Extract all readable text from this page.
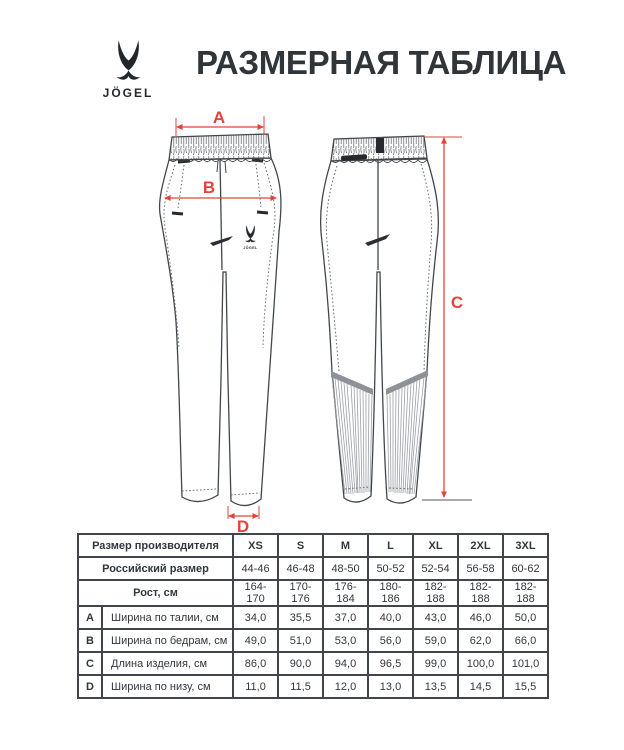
JÖGEL
РАЗМЕРНАЯ ТАБЛИЦА
JÖGEL
A
B
C
D
Размер производителя		XS	S	M	L	XL	2XL	3XL
Российский размер		44-46	46-48	48-50	50-52	52-54	56-58	60-62
Рост, см		164-170	170-176	176-184	180-186	182-188	182-188	182-188
A	Ширина по талии, см	34,0	35,5	37,0	40,0	43,0	46,0	50,0
B	Ширина по бедрам, см	49,0	51,0	53,0	56,0	59,0	62,0	66,0
C	Длина изделия, см	86,0	90,0	94,0	96,5	99,0	100,0	101,0
D	Ширина по низу, см	11,0	11,5	12,0	13,0	13,5	14,5	15,5
